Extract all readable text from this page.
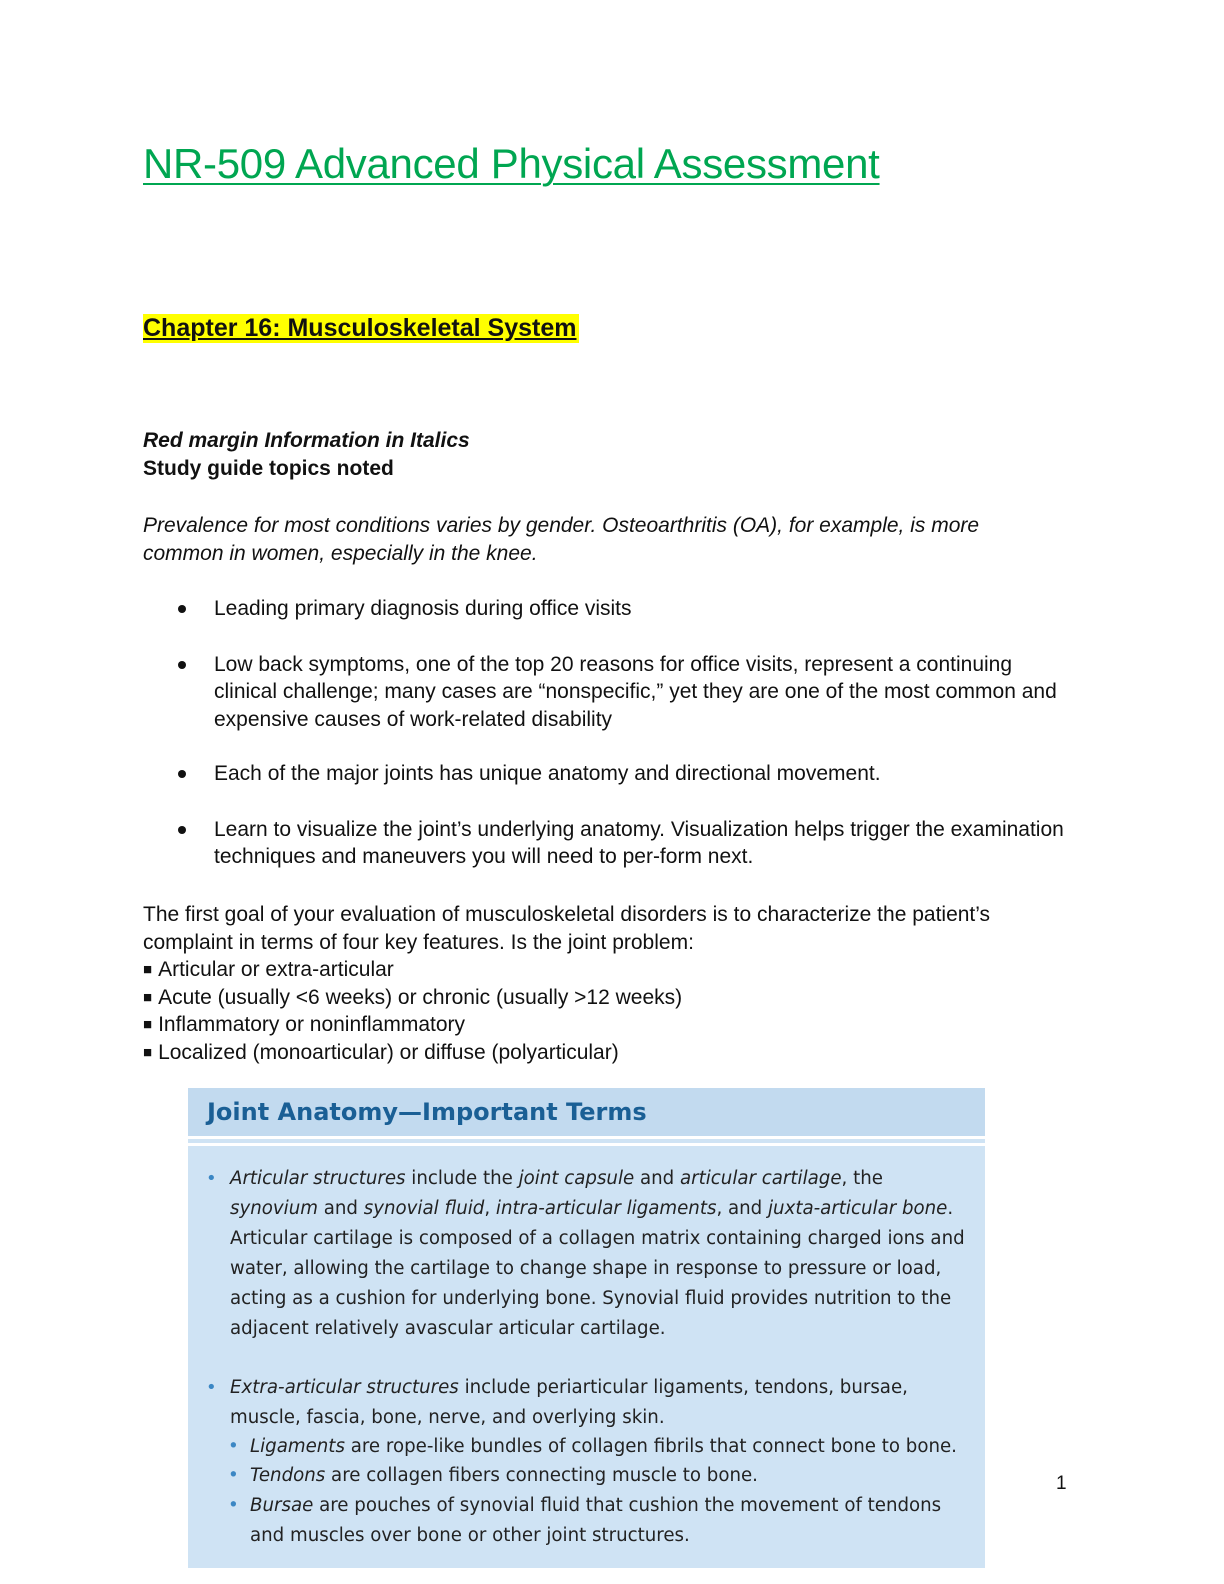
NR-509 Advanced Physical Assessment
Chapter 16: Musculoskeletal System
Red margin Information in Italics
Study guide topics noted
Prevalence for most conditions varies by gender. Osteoarthritis (OA), for example, is more common in women, especially in the knee.
Leading primary diagnosis during office visits
Low back symptoms, one of the top 20 reasons for office visits, represent a continuing clinical challenge; many cases are “nonspecific,” yet they are one of the most common and expensive causes of work-related disability
Each of the major joints has unique anatomy and directional movement.
Learn to visualize the joint’s underlying anatomy. Visualization helps trigger the examination techniques and maneuvers you will need to per-form next.
The first goal of your evaluation of musculoskeletal disorders is to characterize the patient’s complaint in terms of four key features. Is the joint problem:
■ Articular or extra-articular
■ Acute (usually <6 weeks) or chronic (usually >12 weeks)
■ Inflammatory or noninflammatory
■ Localized (monoarticular) or diffuse (polyarticular)
Joint Anatomy—Important Terms
• Articular structures include the joint capsule and articular cartilage, the synovium and synovial fluid, intra-articular ligaments, and juxta-articular bone. Articular cartilage is composed of a collagen matrix containing charged ions and water, allowing the cartilage to change shape in response to pressure or load, acting as a cushion for underlying bone. Synovial fluid provides nutrition to the adjacent relatively avascular articular cartilage.
• Extra-articular structures include periarticular ligaments, tendons, bursae, muscle, fascia, bone, nerve, and overlying skin.
• Ligaments are rope-like bundles of collagen fibrils that connect bone to bone.
• Tendons are collagen fibers connecting muscle to bone.
• Bursae are pouches of synovial fluid that cushion the movement of tendons and muscles over bone or other joint structures.
1
